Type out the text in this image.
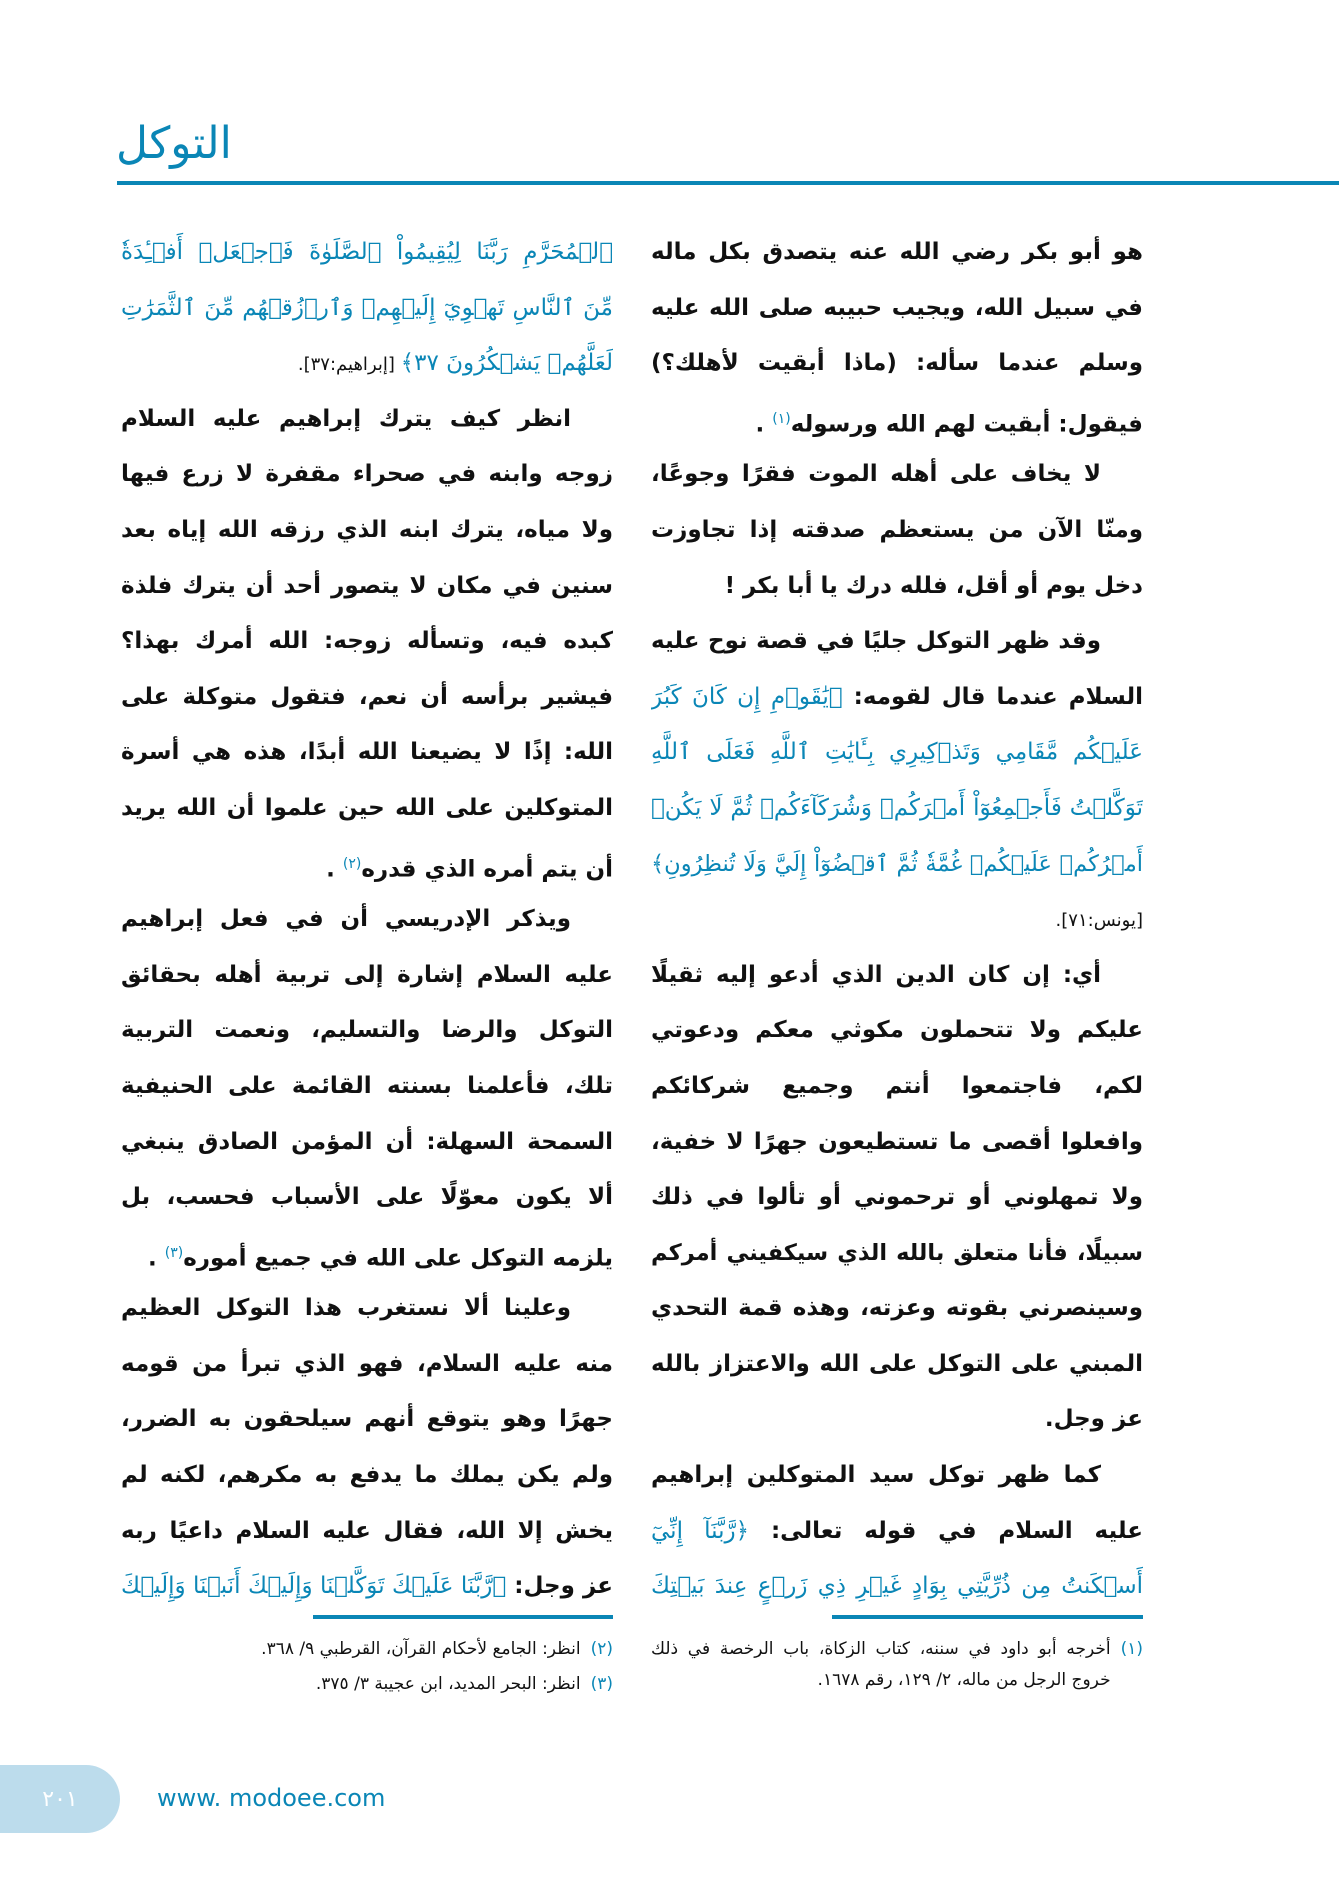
التوكل
هو أبو بكر رضي الله عنه يتصدق بكل ماله
في سبيل الله، ويجيب حبيبه صلى الله عليه
وسلم عندما سأله: (ماذا أبقيت لأهلك؟)
فيقول: أبقيت لهم الله ورسوله$^{(١)}$ .
لا يخاف على أهله الموت فقرًا وجوعًا،
ومنّا الآن من يستعظم صدقته إذا تجاوزت
دخل يوم أو أقل، فلله درك يا أبا بكر !
وقد ظهر التوكل جليًا في قصة نوح عليه
السلام عندما قال لقومه: ﴿يَٰقَوۡمِ إِن كَانَ كَبُرَ
عَلَيۡكُم مَّقَامِي وَتَذۡكِيرِي بِـَٔايَٰتِ ٱللَّهِ فَعَلَى ٱللَّهِ
تَوَكَّلۡتُ فَأَجۡمِعُوٓاْ أَمۡرَكُمۡ وَشُرَكَآءَكُمۡ ثُمَّ لَا يَكُنۡ
أَمۡرُكُمۡ عَلَيۡكُمۡ غُمَّةٗ ثُمَّ ٱقۡضُوٓاْ إِلَيَّ وَلَا تُنظِرُونِ﴾
[يونس:٧١].
أي: إن كان الدين الذي أدعو إليه ثقيلًا
عليكم ولا تتحملون مكوثي معكم ودعوتي
لكم، فاجتمعوا أنتم وجميع شركائكم
وافعلوا أقصى ما تستطيعون جهرًا لا خفية،
ولا تمهلوني أو ترحموني أو تألوا في ذلك
سبيلًا، فأنا متعلق بالله الذي سيكفيني أمركم
وسينصرني بقوته وعزته، وهذه قمة التحدي
المبني على التوكل على الله والاعتزاز بالله
عز وجل.
كما ظهر توكل سيد المتوكلين إبراهيم
عليه السلام في قوله تعالى: ﴿رَّبَّنَآ إِنِّيٓ
أَسۡكَنتُ مِن ذُرِّيَّتِي بِوَادٍ غَيۡرِ ذِي زَرۡعٍ عِندَ بَيۡتِكَ
ٱلۡمُحَرَّمِ رَبَّنَا لِيُقِيمُواْ ٱلصَّلَوٰةَ فَٱجۡعَلۡ أَفۡـِٔدَةٗ
مِّنَ ٱلنَّاسِ تَهۡوِيٓ إِلَيۡهِمۡ وَٱرۡزُقۡهُم مِّنَ ٱلثَّمَرَٰتِ
لَعَلَّهُمۡ يَشۡكُرُونَ ٣٧﴾ [إبراهيم:٣٧].
انظر كيف يترك إبراهيم عليه السلام
زوجه وابنه في صحراء مقفرة لا زرع فيها
ولا مياه، يترك ابنه الذي رزقه الله إياه بعد
سنين في مكان لا يتصور أحد أن يترك فلذة
كبده فيه، وتسأله زوجه: الله أمرك بهذا؟
فيشير برأسه أن نعم، فتقول متوكلة على
الله: إذًا لا يضيعنا الله أبدًا، هذه هي أسرة
المتوكلين على الله حين علموا أن الله يريد
أن يتم أمره الذي قدره$^{(٢)}$ .
ويذكر الإدريسي أن في فعل إبراهيم
عليه السلام إشارة إلى تربية أهله بحقائق
التوكل والرضا والتسليم، ونعمت التربية
تلك، فأعلمنا بسنته القائمة على الحنيفية
السمحة السهلة: أن المؤمن الصادق ينبغي
ألا يكون معوّلًا على الأسباب فحسب، بل
يلزمه التوكل على الله في جميع أموره$^{(٣)}$ .
وعلينا ألا نستغرب هذا التوكل العظيم
منه عليه السلام، فهو الذي تبرأ من قومه
جهرًا وهو يتوقع أنهم سيلحقون به الضرر،
ولم يكن يملك ما يدفع به مكرهم، لكنه لم
يخش إلا الله، فقال عليه السلام داعيًا ربه
عز وجل: ﴿رَّبَّنَا عَلَيۡكَ تَوَكَّلۡنَا وَإِلَيۡكَ أَنَبۡنَا وَإِلَيۡكَ
(١)
أخرجه أبو داود في سننه، كتاب الزكاة، باب الرخصة في ذلك خروج الرجل من ماله، ٢/ ١٢٩، رقم ١٦٧٨.
(٢)
انظر: الجامع لأحكام القرآن، القرطبي ٩/ ٣٦٨.
(٣)
انظر: البحر المديد، ابن عجيبة ٣/ ٣٧٥.
٢٠١	www. modoee.com
